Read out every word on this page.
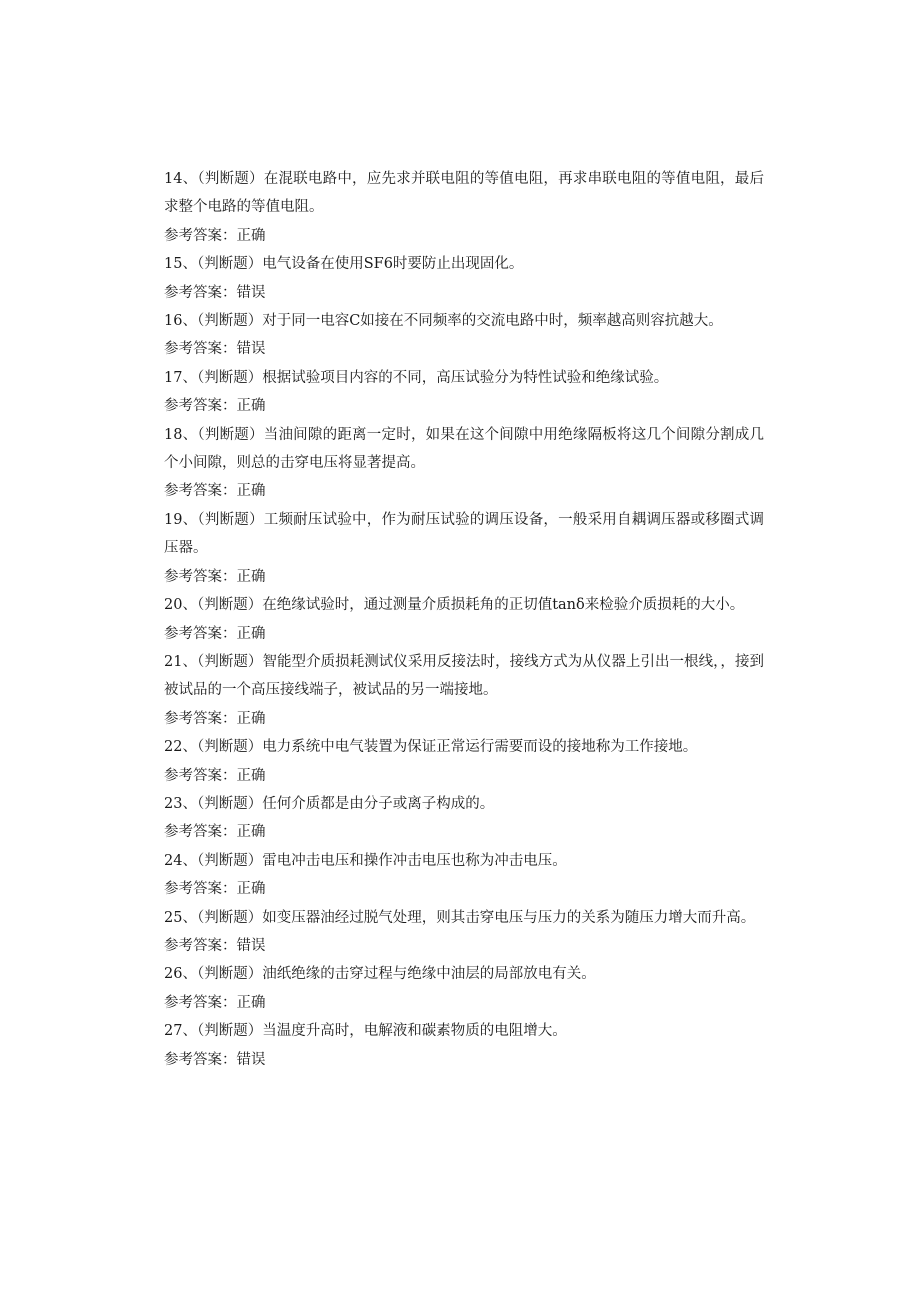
14、（判断题）在混联电路中，应先求并联电阻的等值电阻，再求串联电阻的等值电阻，最后求整个电路的等值电阻。

参考答案：正确

15、（判断题）电气设备在使用SF6时要防止出现固化。

参考答案：错误

16、（判断题）对于同一电容C如接在不同频率的交流电路中时，频率越高则容抗越大。

参考答案：错误

17、（判断题）根据试验项目内容的不同，高压试验分为特性试验和绝缘试验。

参考答案：正确

18、（判断题）当油间隙的距离一定时，如果在这个间隙中用绝缘隔板将这几个间隙分割成几个小间隙，则总的击穿电压将显著提高。

参考答案：正确

19、（判断题）工频耐压试验中，作为耐压试验的调压设备，一般采用自耦调压器或移圈式调压器。

参考答案：正确

20、（判断题）在绝缘试验时，通过测量介质损耗角的正切值tanδ来检验介质损耗的大小。

参考答案：正确

21、（判断题）智能型介质损耗测试仪采用反接法时，接线方式为从仪器上引出一根线，，接到被试品的一个高压接线端子，被试品的另一端接地。

参考答案：正确

22、（判断题）电力系统中电气装置为保证正常运行需要而设的接地称为工作接地。

参考答案：正确

23、（判断题）任何介质都是由分子或离子构成的。

参考答案：正确

24、（判断题）雷电冲击电压和操作冲击电压也称为冲击电压。

参考答案：正确

25、（判断题）如变压器油经过脱气处理，则其击穿电压与压力的关系为随压力增大而升高。

参考答案：错误

26、（判断题）油纸绝缘的击穿过程与绝缘中油层的局部放电有关。

参考答案：正确

27、（判断题）当温度升高时，电解液和碳素物质的电阻增大。

参考答案：错误
